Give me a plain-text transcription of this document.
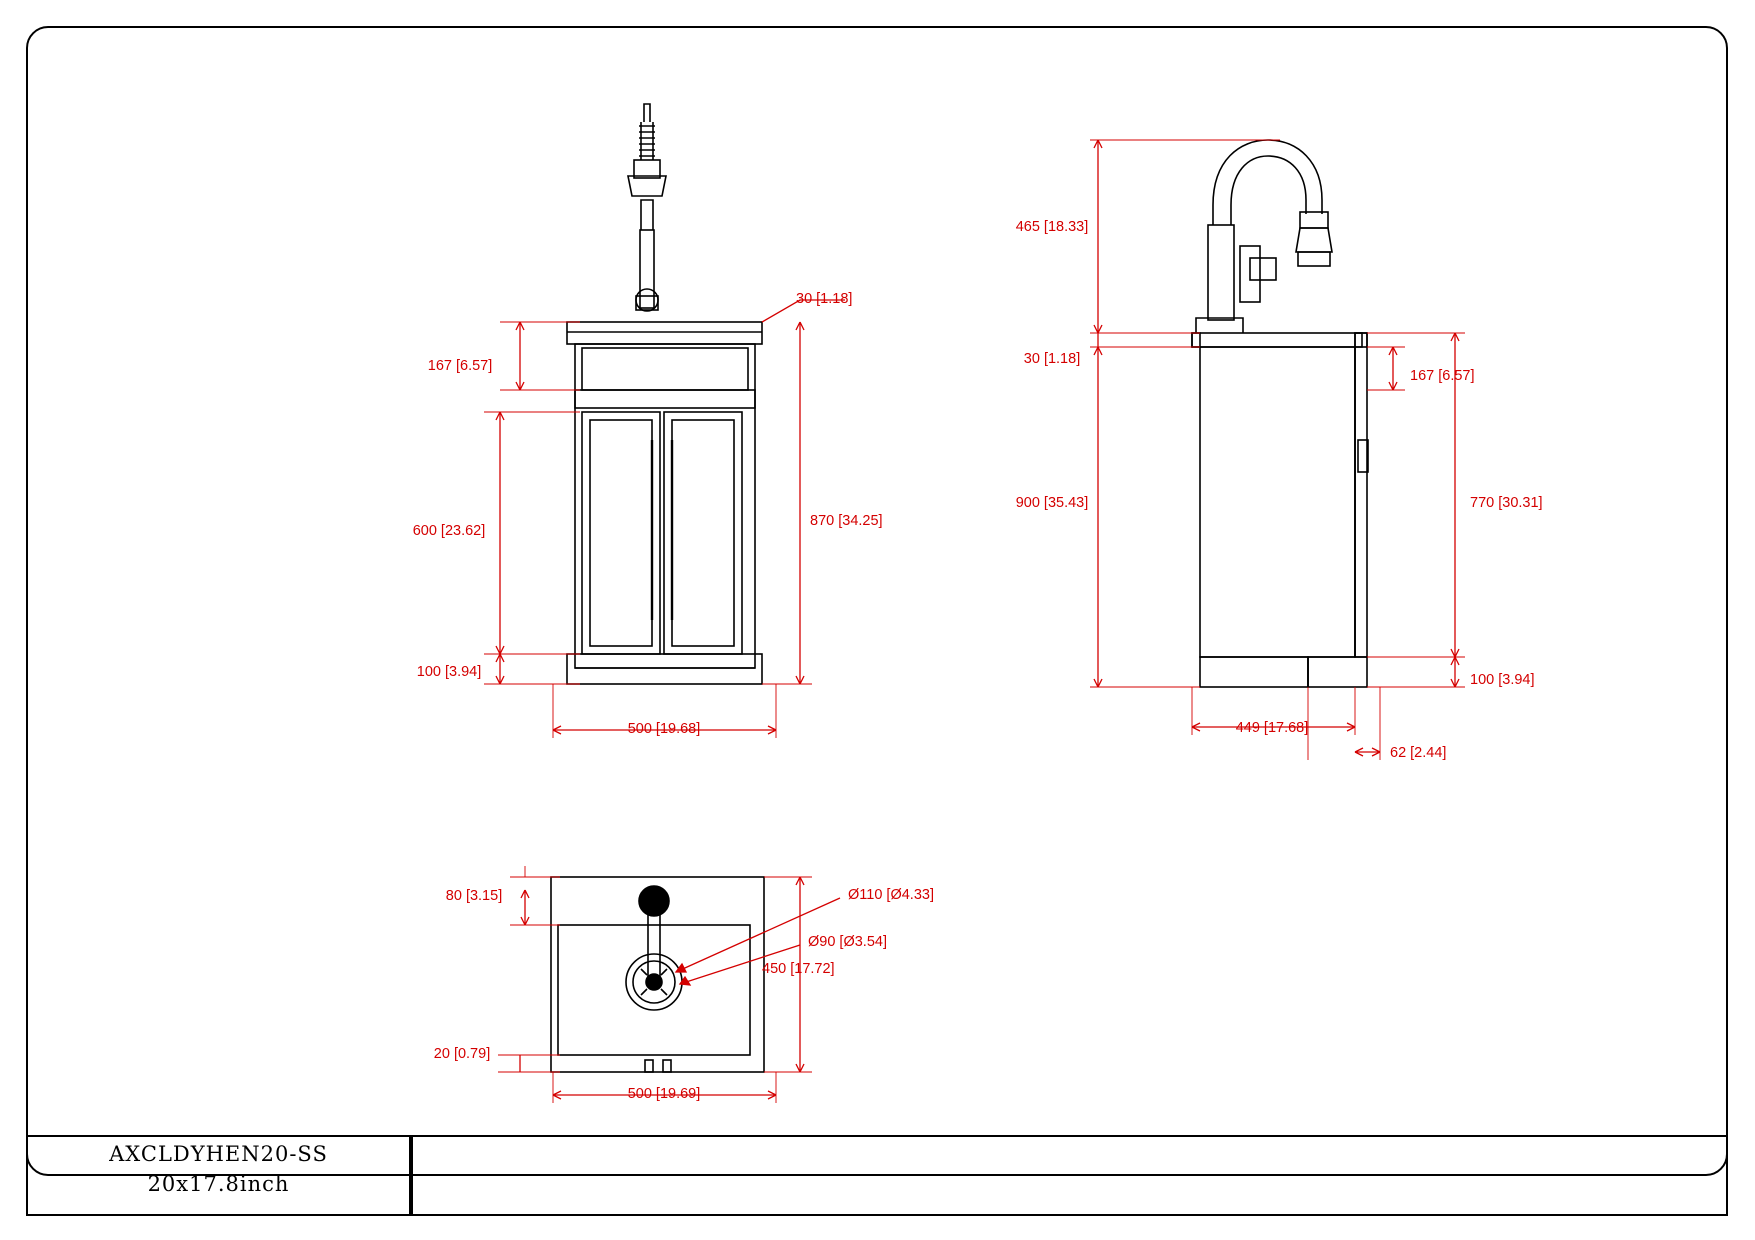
30 [1.18]
167 [6.57]
600 [23.62]
870 [34.25]
100 [3.94]
500 [19.68]
465 [18.33]
30 [1.18]
900 [35.43]
167 [6.57]
770 [30.31]
100 [3.94]
449 [17.68]
62 [2.44]
80 [3.15]	Ø110 [Ø4.33]
Ø90 [Ø3.54]
450 [17.72]
20 [0.79]
500 [19.69]
AXCLDYHEN20-SS
20x17.8inch
